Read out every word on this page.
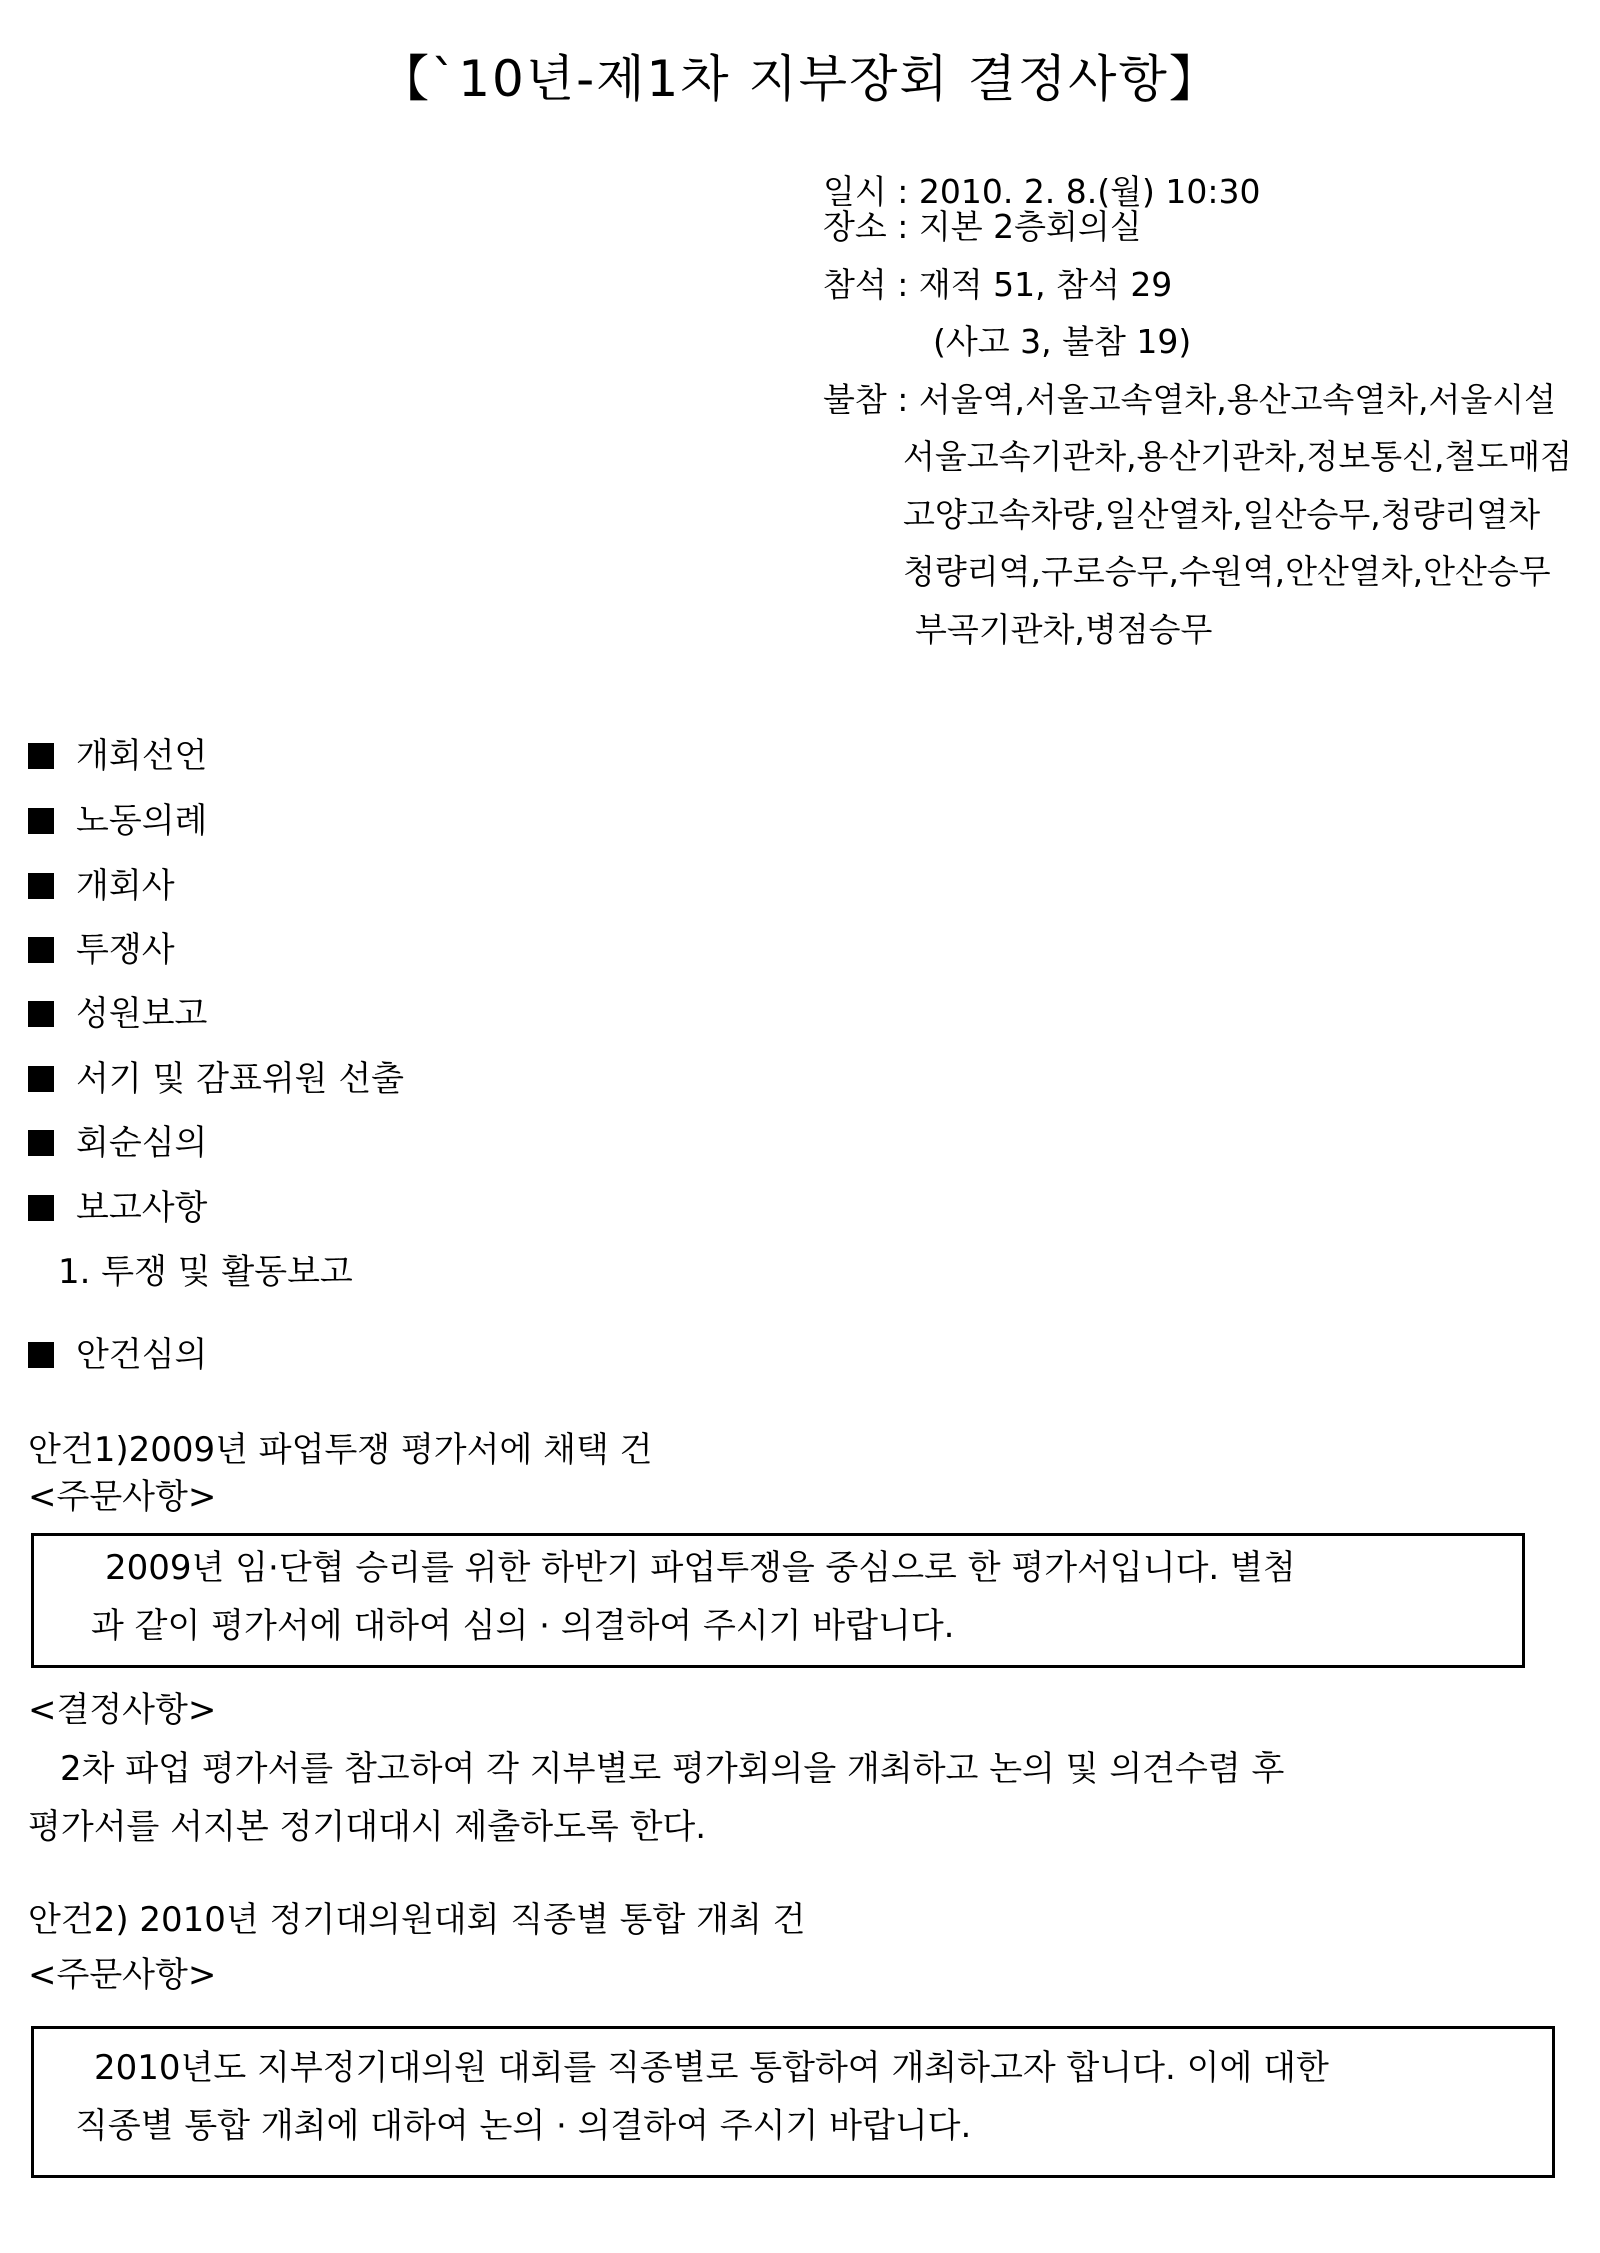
【`10년-제1차 지부장회 결정사항】
일시 : 2010. 2. 8.(월) 10:30
장소 : 지본 2층회의실
참석 : 재적 51, 참석 29
(사고 3, 불참 19)
불참 : 서울역,서울고속열차,용산고속열차,서울시설
서울고속기관차,용산기관차,정보통신,철도매점
고양고속차량,일산열차,일산승무,청량리열차
청량리역,구로승무,수원역,안산열차,안산승무
부곡기관차,병점승무
개회선언
노동의례
개회사
투쟁사
성원보고
서기 및 감표위원 선출
회순심의
보고사항
1. 투쟁 및 활동보고
안건심의
안건1)2009년 파업투쟁 평가서에 채택 건
<주문사항>
2009년 임·단협 승리를 위한 하반기 파업투쟁을 중심으로 한 평가서입니다. 별첨
과 같이 평가서에 대하여 심의 · 의결하여 주시기 바랍니다.
<결정사항>
2차 파업 평가서를 참고하여 각 지부별로 평가회의을 개최하고 논의 및 의견수렴 후
평가서를 서지본 정기대대시 제출하도록 한다.
안건2) 2010년 정기대의원대회 직종별 통합 개최 건
<주문사항>
2010년도 지부정기대의원 대회를 직종별로 통합하여 개최하고자 합니다. 이에 대한
직종별 통합 개최에 대하여 논의 · 의결하여 주시기 바랍니다.
